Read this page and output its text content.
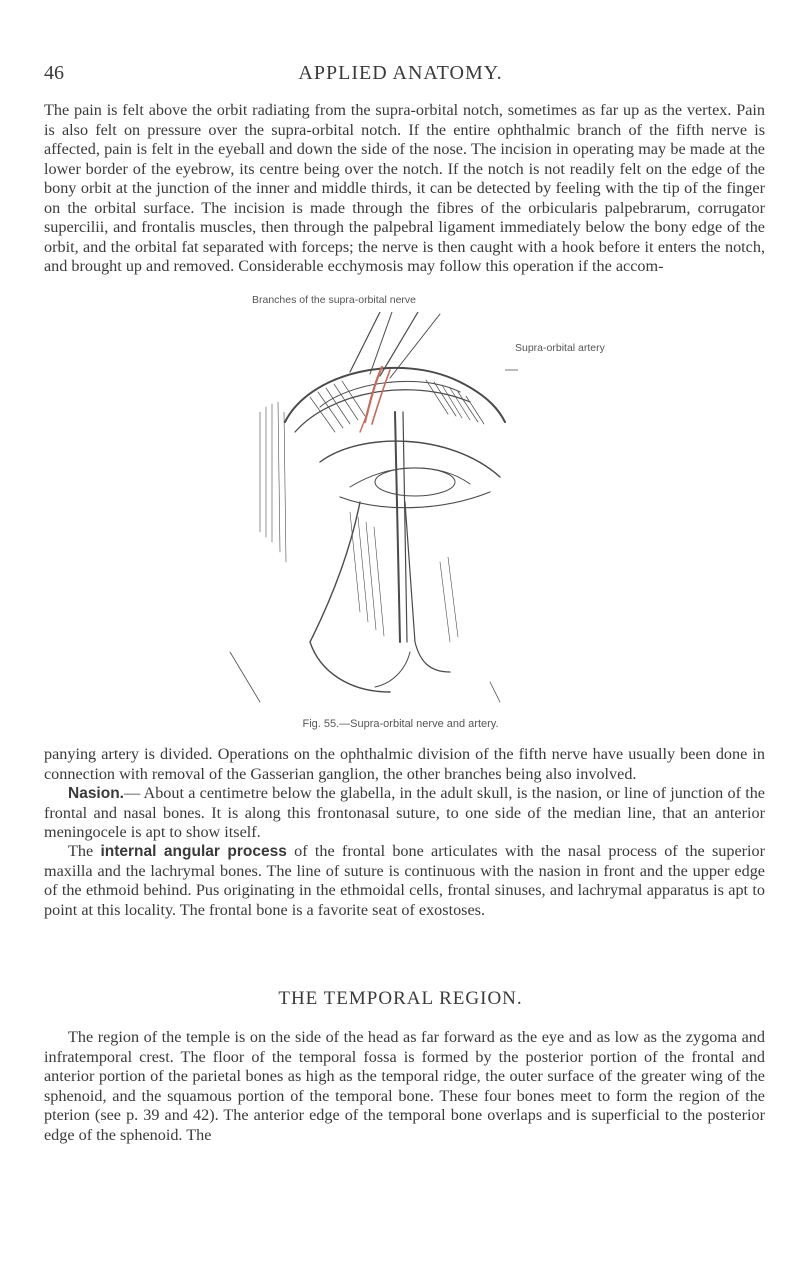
46	APPLIED ANATOMY.

The pain is felt above the orbit radiating from the supra-orbital notch, sometimes as far up as the vertex. Pain is also felt on pressure over the supra-orbital notch. If the entire ophthalmic branch of the fifth nerve is affected, pain is felt in the eyeball and down the side of the nose. The incision in operating may be made at the lower border of the eyebrow, its centre being over the notch. If the notch is not readily felt on the edge of the bony orbit at the junction of the inner and middle thirds, it can be detected by feeling with the tip of the finger on the orbital surface. The incision is made through the fibres of the orbicularis palpebrarum, corrugator supercilii, and frontalis muscles, then through the palpebral ligament immediately below the bony edge of the orbit, and the orbital fat separated with forceps; the nerve is then caught with a hook before it enters the notch, and brought up and removed. Considerable ecchymosis may follow this operation if the accom-

Branches of the supra-orbital nerve
Supra-orbital artery
Fig. 55.—Supra-orbital nerve and artery.

panying artery is divided. Operations on the ophthalmic division of the fifth nerve have usually been done in connection with removal of the Gasserian ganglion, the other branches being also involved.

Nasion.— About a centimetre below the glabella, in the adult skull, is the nasion, or line of junction of the frontal and nasal bones. It is along this frontonasal suture, to one side of the median line, that an anterior meningocele is apt to show itself.

The internal angular process of the frontal bone articulates with the nasal process of the superior maxilla and the lachrymal bones. The line of suture is continuous with the nasion in front and the upper edge of the ethmoid behind. Pus originating in the ethmoidal cells, frontal sinuses, and lachrymal apparatus is apt to point at this locality. The frontal bone is a favorite seat of exostoses.

THE TEMPORAL REGION.

The region of the temple is on the side of the head as far forward as the eye and as low as the zygoma and infratemporal crest. The floor of the temporal fossa is formed by the posterior portion of the frontal and anterior portion of the parietal bones as high as the temporal ridge, the outer surface of the greater wing of the sphenoid, and the squamous portion of the temporal bone. These four bones meet to form the region of the pterion (see p. 39 and 42). The anterior edge of the temporal bone overlaps and is superficial to the posterior edge of the sphenoid. The
